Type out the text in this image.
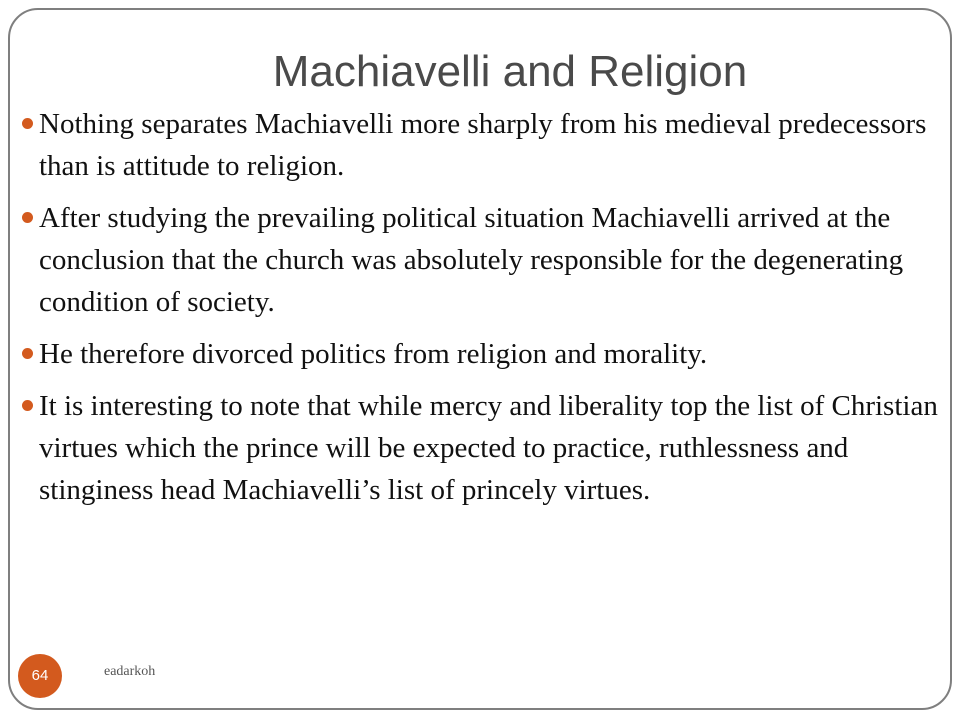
Machiavelli and Religion
Nothing separates Machiavelli more sharply from his medieval predecessors than is attitude to religion.
After studying the prevailing political situation Machiavelli arrived at the conclusion that the church was absolutely responsible for the degenerating condition of society.
He therefore divorced politics from religion and morality.
It is interesting to note that while mercy and liberality top the list of Christian virtues which the prince will be expected to practice, ruthlessness and stinginess head Machiavelli’s list of princely virtues.
64	eadarkoh
